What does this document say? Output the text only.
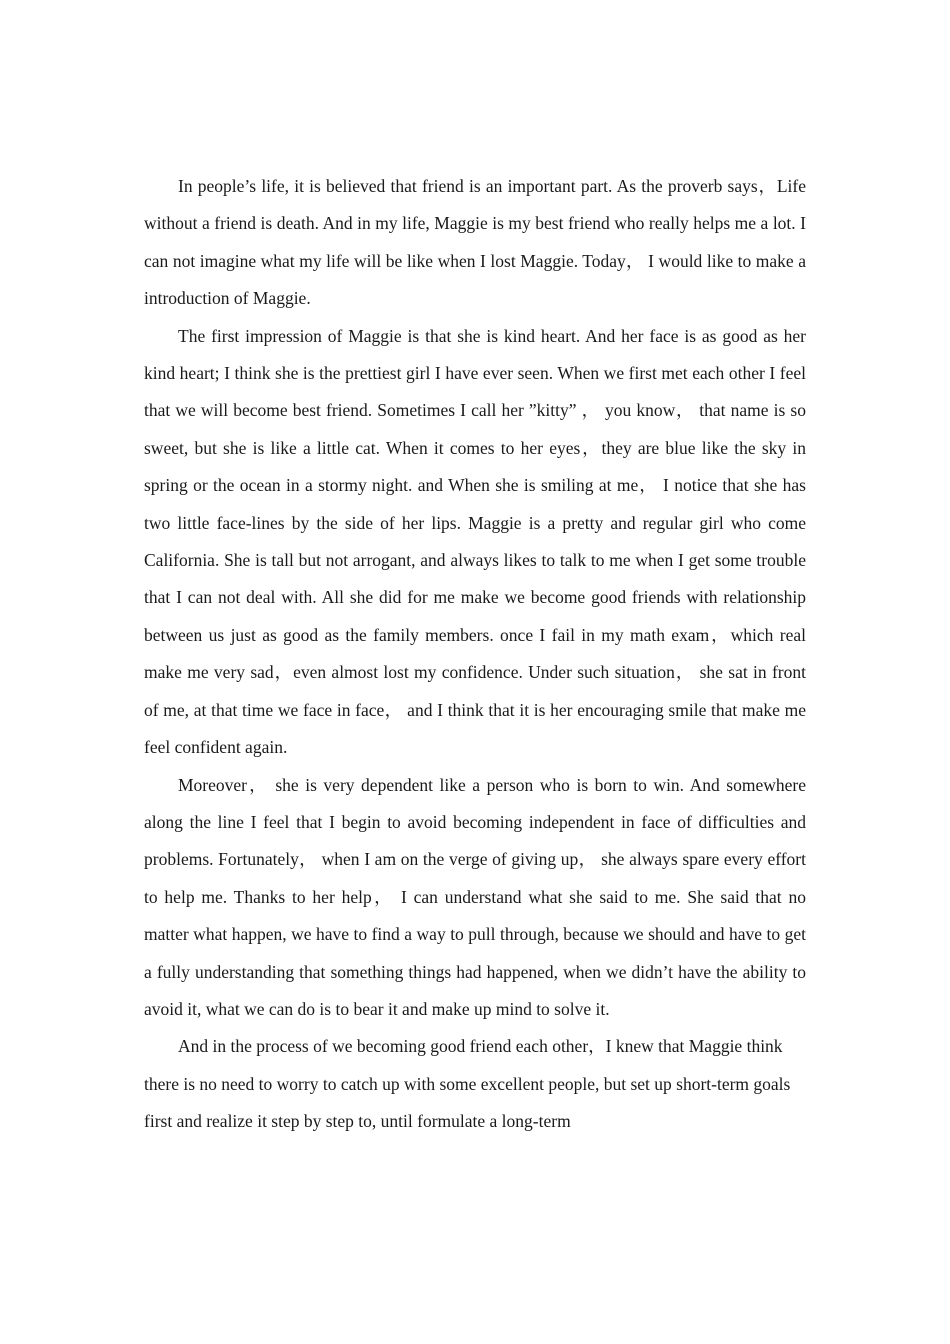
In people’s life, it is believed that friend is an important part. As the proverb says，Life without a friend is death. And in my life, Maggie is my best friend who really helps me a lot. I can not imagine what my life will be like when I lost Maggie. Today， I would like to make a introduction of Maggie.

The first impression of Maggie is that she is kind heart. And her face is as good as her kind heart; I think she is the prettiest girl I have ever seen. When we first met each other I feel that we will become best friend. Sometimes I call her ”kitty” ， you know， that name is so sweet, but she is like a little cat. When it comes to her eyes，they are blue like the sky in spring or the ocean in a stormy night. and When she is smiling at me， I notice that she has two little face-lines by the side of her lips. Maggie is a pretty and regular girl who come California. She is tall but not arrogant, and always likes to talk to me when I get some trouble that I can not deal with. All she did for me make we become good friends with relationship between us just as good as the family members. once I fail in my math exam，which real make me very sad，even almost lost my confidence. Under such situation， she sat in front of me, at that time we face in face， and I think that it is her encouraging smile that make me feel confident again.

Moreover， she is very dependent like a person who is born to win. And somewhere along the line I feel that I begin to avoid becoming independent in face of difficulties and problems. Fortunately， when I am on the verge of giving up， she always spare every effort to help me. Thanks to her help， I can understand what she said to me. She said that no matter what happen, we have to find a way to pull through, because we should and have to get a fully understanding that something things had happened, when we didn’t have the ability to avoid it, what we can do is to bear it and make up mind to solve it.

And in the process of we becoming good friend each other，I knew that Maggie think there is no need to worry to catch up with some excellent people, but set up short-term goals first and realize it step by step to, until formulate a long-term
